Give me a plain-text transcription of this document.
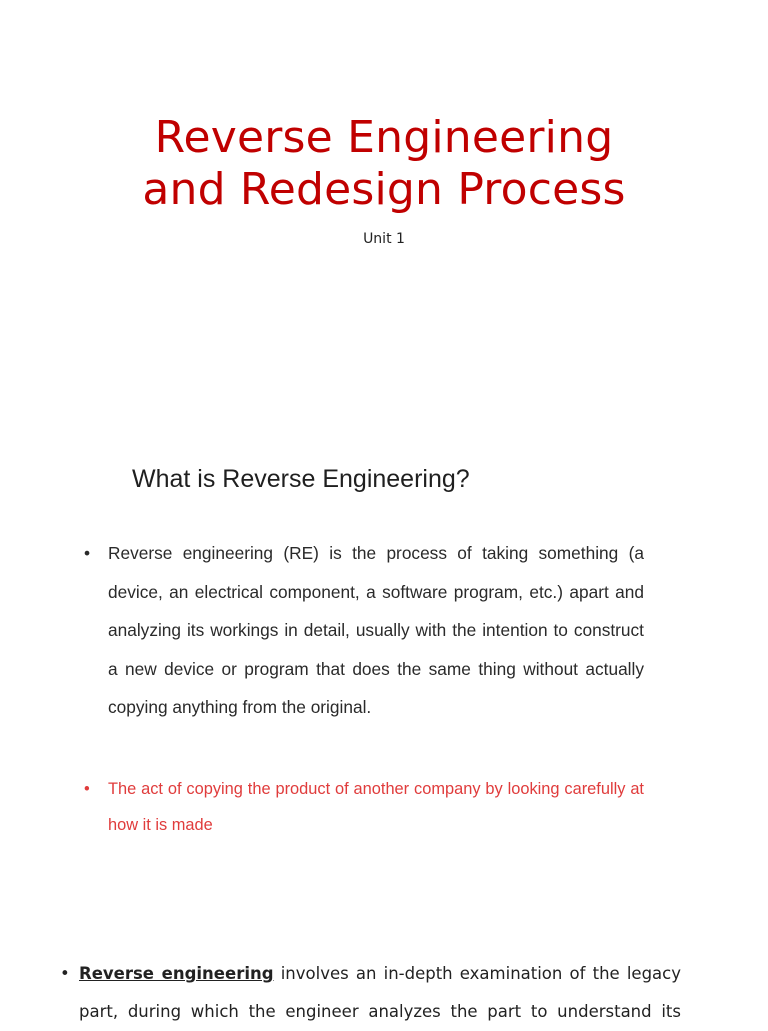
Reverse Engineering
and Redesign Process
Unit 1
What is Reverse Engineering?
• Reverse engineering (RE) is the process of taking something (a device, an electrical component, a software program, etc.) apart and analyzing its workings in detail, usually with the intention to construct a new device or program that does the same thing without actually copying anything from the original.
• The act of copying the product of another company by looking carefully at how it is made
• Reverse engineering involves an in-depth examination of the legacy part, during which the engineer analyzes the part to understand its
